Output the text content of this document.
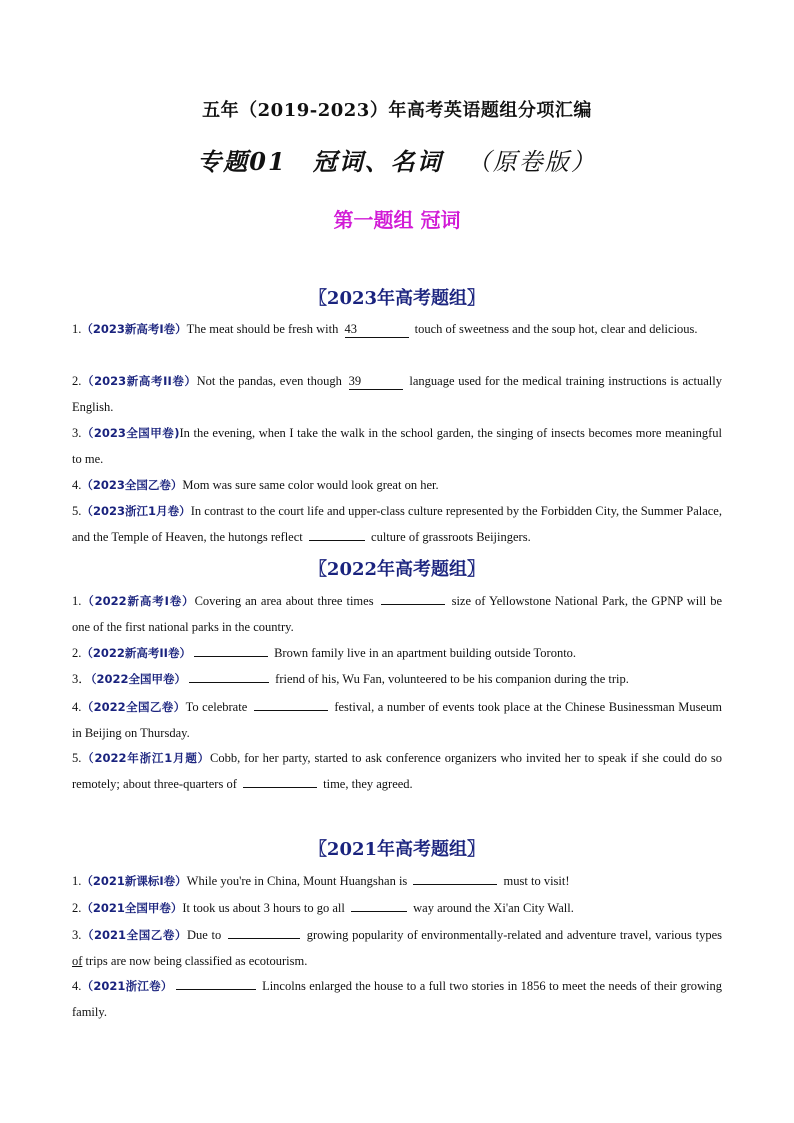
五年（2019-2023）年高考英语题组分项汇编
专题01　冠词、名词 （原卷版）
第一题组 冠词
〖2023年高考题组〗
1.（2023新高考I卷）The meat should be fresh with 43	touch of sweetness and the soup hot, clear and delicious.
2.（2023新高考II卷）Not the pandas, even though 39	language used for the medical training instructions is actually English.
3.（2023全国甲卷)In the evening, when I take the walk in the school garden, the singing of insects becomes more meaningful to me.
4.（2023全国乙卷）Mom was sure same color would look great on her.
5.（2023浙江1月卷）In contrast to the court life and upper-class culture represented by the Forbidden City, the Summer Palace, and the Temple of Heaven, the hutongs reflect	culture of grassroots Beijingers.
〖2022年高考题组〗
1.（2022新高考I卷）Covering an area about three times	size of Yellowstone National Park, the GPNP will be one of the first national parks in the country.
2.（2022新高考II卷）	Brown family live in an apartment building outside Toronto.
3．（2022全国甲卷）	friend of his, Wu Fan, volunteered to be his companion during the trip.
4.（2022全国乙卷）To celebrate	festival, a number of events took place at the Chinese Businessman Museum in Beijing on Thursday.
5.（2022年浙江1月题）Cobb, for her party, started to ask conference organizers who invited her to speak if she could do so remotely; about three-quarters of	time, they agreed.
〖2021年高考题组〗
1.（2021新课标I卷）While you're in China, Mount Huangshan is	must to visit!
2.（2021全国甲卷）It took us about 3 hours to go all	way around the Xi'an City Wall.
3.（2021全国乙卷）Due to	growing popularity of environmentally-related and adventure travel, various types of trips are now being classified as ecotourism.
4.（2021浙江卷）	Lincolns enlarged the house to a full two stories in 1856 to meet the needs of their growing family.
